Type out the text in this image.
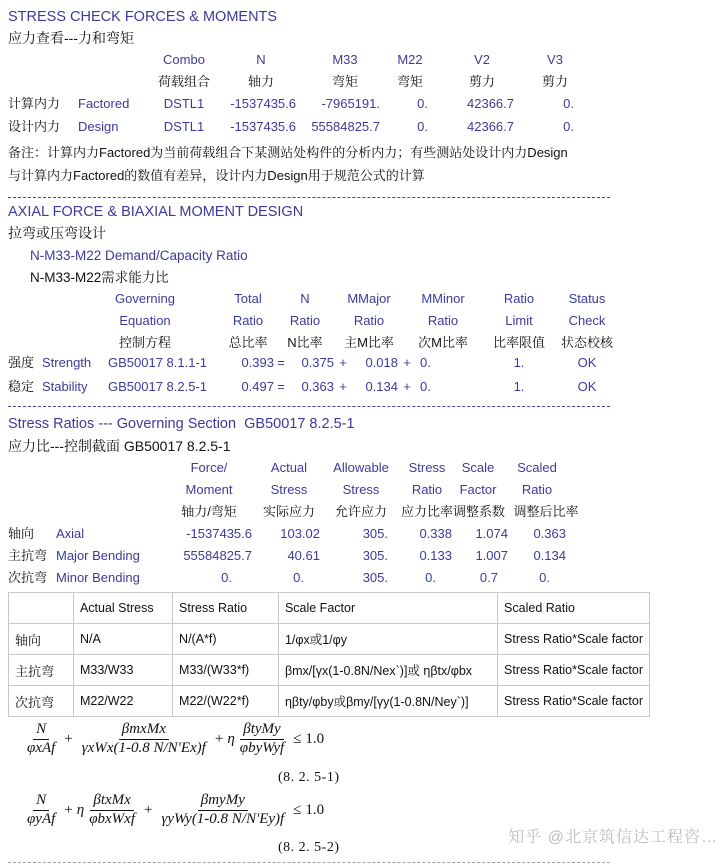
STRESS CHECK FORCES & MOMENTS
应力查看---力和弯矩
Combo	N	M33	M22	V2	V3
荷载组合	轴力	弯矩	弯矩	剪力	剪力
计算内力 Factored	DSTL1	-1537435.6	-7965191.	0.	42366.7	0.
设计内力 Design	DSTL1	-1537435.6	55584825.7	0.	42366.7	0.
备注：计算内力Factored为当前荷载组合下某测站处构件的分析内力；有些测站处设计内力Design
与计算内力Factored的数值有差异，设计内力Design用于规范公式的计算
AXIAL FORCE & BIAXIAL MOMENT DESIGN
拉弯或压弯设计
N-M33-M22 Demand/Capacity Ratio
N-M33-M22需求能力比
Governing	Total	N	MMajor	MMinor	Ratio	Status
Equation	Ratio	Ratio	Ratio	Ratio	Limit	Check
控制方程	总比率	N比率	主M比率	次M比率	比率限值	状态校核
强度 Strength GB50017 8.1.1-1	0.393 =	0.375 +	0.018 + 0.	1.	OK
稳定 Stability GB50017 8.2.5-1	0.497 =	0.363 +	0.134 + 0.	1.	OK
Stress Ratios --- Governing Section  GB50017 8.2.5-1
应力比---控制截面 GB50017 8.2.5-1
Force/	Actual	Allowable	Stress	Scale	Scaled
Moment	Stress	Stress	Ratio	Factor	Ratio
轴力/弯矩	实际应力	允许应力	应力比率 调整系数 调整后比率
轴向 Axial	-1537435.6	103.02	305.	0.338	1.074	0.363
主抗弯 Major Bending	55584825.7	40.61	305.	0.133	1.007	0.134
次抗弯 Minor Bending	0.	0.	305.	0.	0.7	0.
	Actual Stress	Stress Ratio	Scale Factor	Scaled Ratio
轴向	N/A	N/(A*f)	1/φx或1/φy	Stress Ratio*Scale factor
主抗弯	M33/W33	M33/(W33*f)	βmx/[γx(1-0.8N/Nex`)]或 ηβtx/φbx	Stress Ratio*Scale factor
次抗弯	M22/W22	M22/(W22*f)	ηβty/φby或βmy/[γy(1-0.8N/Ney`)]	Stress Ratio*Scale factor
$\frac{N}{\text{φxAf}} + \frac{\text{βmxMx}}{\text{γxWx(1-0.8 N/N'Ex)f}} + \eta \frac{\text{βtyMy}}{\text{φbyWyf}} \le 1.0$
(8. 2. 5-1)
$\frac{N}{\text{φyAf}} + \eta \frac{\text{βtxMx}}{\text{φbxWxf}} + \frac{\text{βmyMy}}{\text{γyWy(1-0.8 N/N'Ey)f}} \le 1.0$
(8. 2. 5-2)
知乎 @北京筑信达工程咨…
